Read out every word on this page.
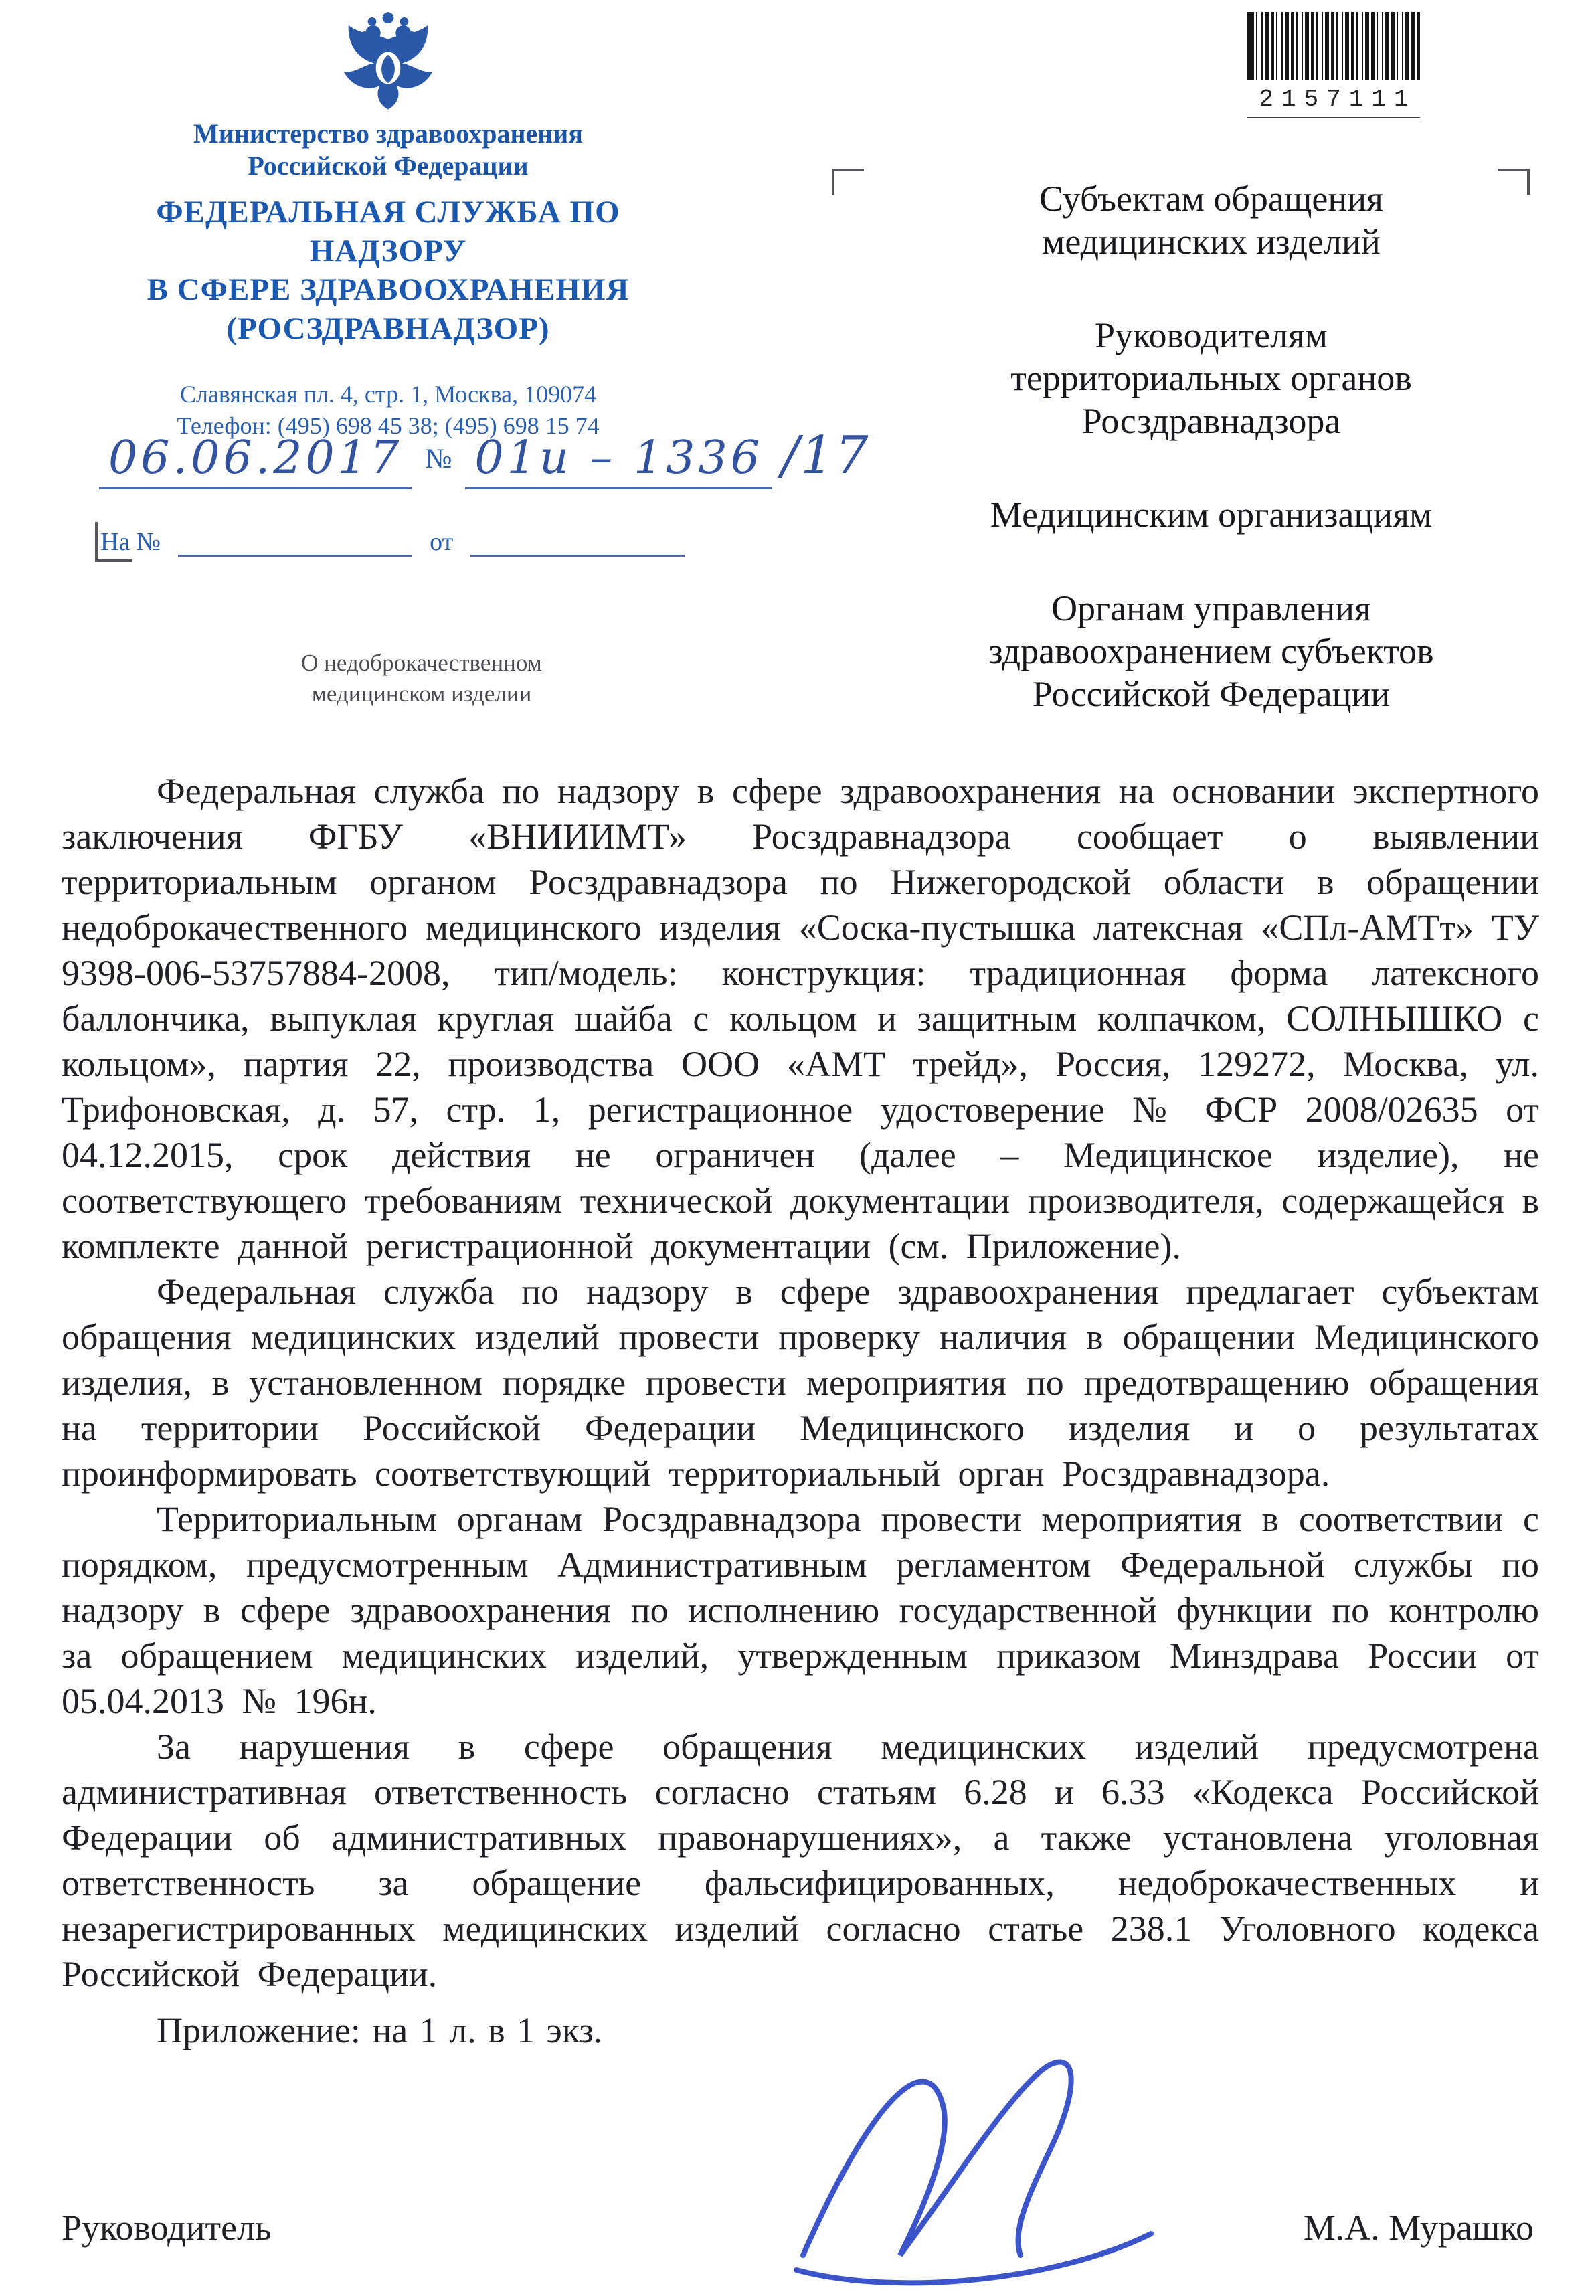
Министерство здравоохранения
Российской Федерации
ФЕДЕРАЛЬНАЯ СЛУЖБА ПО НАДЗОРУ
В СФЕРЕ ЗДРАВООХРАНЕНИЯ
(РОСЗДРАВНАДЗОР)
Славянская пл. 4, стр. 1, Москва, 109074
Телефон: (495) 698 45 38; (495) 698 15 74
06.06.2017 № 01и – 1336 /17
На №	от
2157111
Субъектам обращения медицинских изделий
Руководителям территориальных органов Росздравнадзора
Медицинским организациям
Органам управления здравоохранением субъектов Российской Федерации
О недоброкачественном медицинском изделии

Федеральная служба по надзору в сфере здравоохранения на основании экспертного заключения ФГБУ «ВНИИИМТ» Росздравнадзора сообщает о выявлении территориальным органом Росздравнадзора по Нижегородской области в обращении недоброкачественного медицинского изделия «Соска-пустышка латексная «СПл-АМТт» ТУ 9398-006-53757884-2008, тип/модель: конструкция: традиционная форма латексного баллончика, выпуклая круглая шайба с кольцом и защитным колпачком, СОЛНЫШКО с кольцом», партия 22, производства ООО «АМТ трейд», Россия, 129272, Москва, ул. Трифоновская, д. 57, стр. 1, регистрационное удостоверение № ФСР 2008/02635 от 04.12.2015, срок действия не ограничен (далее – Медицинское изделие), не соответствующего требованиям технической документации производителя, содержащейся в комплекте данной регистрационной документации (см. Приложение).

Федеральная служба по надзору в сфере здравоохранения предлагает субъектам обращения медицинских изделий провести проверку наличия в обращении Медицинского изделия, в установленном порядке провести мероприятия по предотвращению обращения на территории Российской Федерации Медицинского изделия и о результатах проинформировать соответствующий территориальный орган Росздравнадзора.

Территориальным органам Росздравнадзора провести мероприятия в соответствии с порядком, предусмотренным Административным регламентом Федеральной службы по надзору в сфере здравоохранения по исполнению государственной функции по контролю за обращением медицинских изделий, утвержденным приказом Минздрава России от 05.04.2013 № 196н.

За нарушения в сфере обращения медицинских изделий предусмотрена административная ответственность согласно статьям 6.28 и 6.33 «Кодекса Российской Федерации об административных правонарушениях», а также установлена уголовная ответственность за обращение фальсифицированных, недоброкачественных и незарегистрированных медицинских изделий согласно статье 238.1 Уголовного кодекса Российской Федерации.

Приложение: на 1 л. в 1 экз.

Руководитель	М.А. Мурашко
